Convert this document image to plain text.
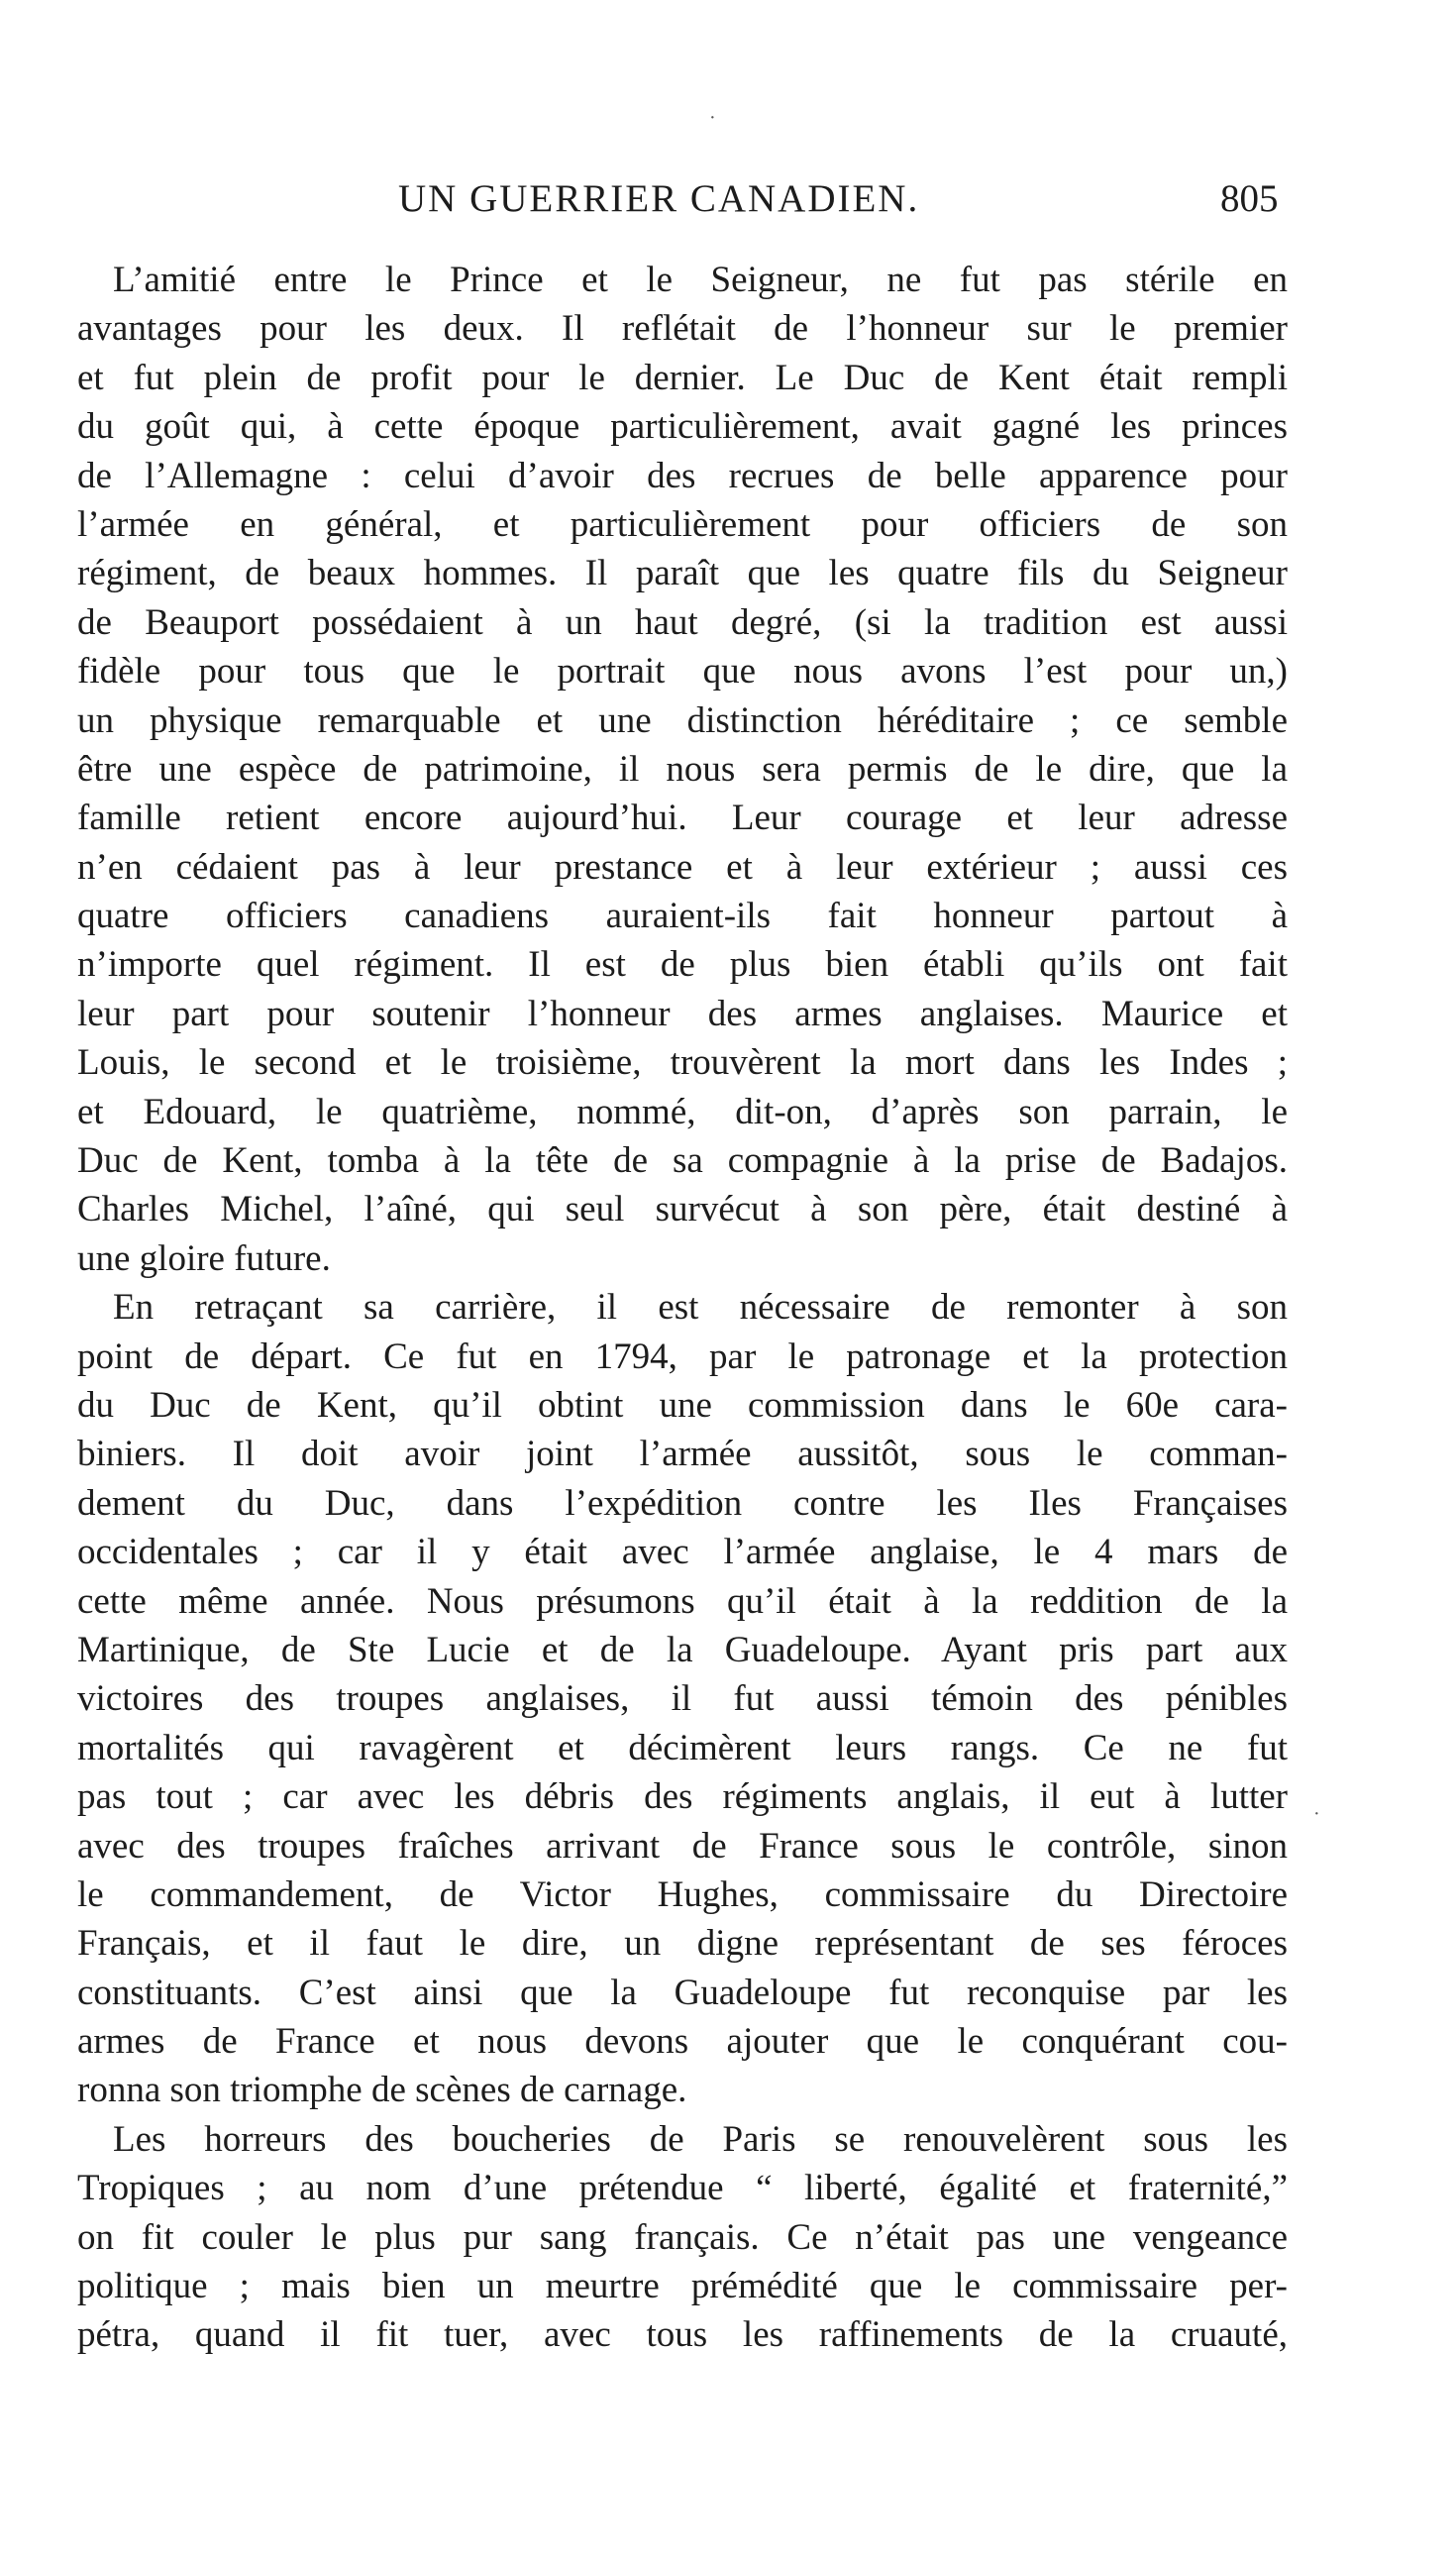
UN GUERRIER CANADIEN.	805
L’amitié entre le Prince et le Seigneur, ne fut pas stérile en
avantages pour les deux. Il reflétait de l’honneur sur le premier
et fut plein de profit pour le dernier. Le Duc de Kent était rempli
du goût qui, à cette époque particulièrement, avait gagné les princes
de l’Allemagne : celui d’avoir des recrues de belle apparence pour
l’armée en général, et particulièrement pour officiers de son
régiment, de beaux hommes. Il paraît que les quatre fils du Seigneur
de Beauport possédaient à un haut degré, (si la tradition est aussi
fidèle pour tous que le portrait que nous avons l’est pour un,)
un physique remarquable et une distinction héréditaire ; ce semble
être une espèce de patrimoine, il nous sera permis de le dire, que la
famille retient encore aujourd’hui. Leur courage et leur adresse
n’en cédaient pas à leur prestance et à leur extérieur ; aussi ces
quatre officiers canadiens auraient-ils fait honneur partout à
n’importe quel régiment. Il est de plus bien établi qu’ils ont fait
leur part pour soutenir l’honneur des armes anglaises. Maurice et
Louis, le second et le troisième, trouvèrent la mort dans les Indes ;
et Edouard, le quatrième, nommé, dit-on, d’après son parrain, le
Duc de Kent, tomba à la tête de sa compagnie à la prise de Badajos.
Charles Michel, l’aîné, qui seul survécut à son père, était destiné à
une gloire future.
En retraçant sa carrière, il est nécessaire de remonter à son
point de départ. Ce fut en 1794, par le patronage et la protection
du Duc de Kent, qu’il obtint une commission dans le 60e cara-
biniers. Il doit avoir joint l’armée aussitôt, sous le comman-
dement du Duc, dans l’expédition contre les Iles Françaises
occidentales ; car il y était avec l’armée anglaise, le 4 mars de
cette même année. Nous présumons qu’il était à la reddition de la
Martinique, de Ste Lucie et de la Guadeloupe. Ayant pris part aux
victoires des troupes anglaises, il fut aussi témoin des pénibles
mortalités qui ravagèrent et décimèrent leurs rangs. Ce ne fut
pas tout ; car avec les débris des régiments anglais, il eut à lutter
avec des troupes fraîches arrivant de France sous le contrôle, sinon
le commandement, de Victor Hughes, commissaire du Directoire
Français, et il faut le dire, un digne représentant de ses féroces
constituants. C’est ainsi que la Guadeloupe fut reconquise par les
armes de France et nous devons ajouter que le conquérant cou-
ronna son triomphe de scènes de carnage.
Les horreurs des boucheries de Paris se renouvelèrent sous les
Tropiques ; au nom d’une prétendue “ liberté, égalité et fraternité,”
on fit couler le plus pur sang français. Ce n’était pas une vengeance
politique ; mais bien un meurtre prémédité que le commissaire per-
pétra, quand il fit tuer, avec tous les raffinements de la cruauté,
·
·
